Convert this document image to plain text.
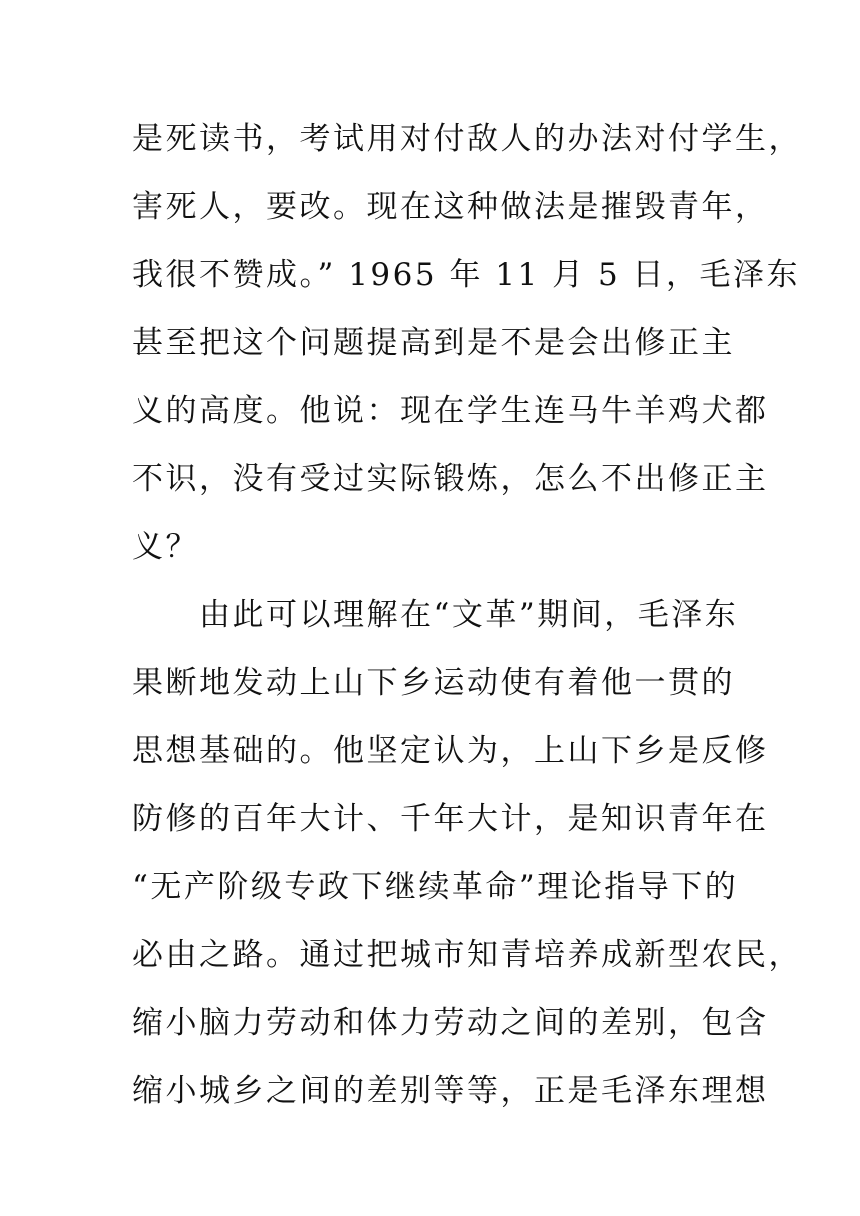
是死读书，考试用对付敌人的办法对付学生，
害死人，要改。现在这种做法是摧毁青年，
我很不赞成。” 1965 年 11 月 5 日，毛泽东
甚至把这个问题提高到是不是会出修正主
义的高度。他说：现在学生连马牛羊鸡犬都
不识，没有受过实际锻炼，怎么不出修正主
义？
　　由此可以理解在“文革”期间，毛泽东
果断地发动上山下乡运动使有着他一贯的
思想基础的。他坚定认为，上山下乡是反修
防修的百年大计、千年大计，是知识青年在
“无产阶级专政下继续革命”理论指导下的
必由之路。通过把城市知青培养成新型农民，
缩小脑力劳动和体力劳动之间的差别，包含
缩小城乡之间的差别等等，正是毛泽东理想
